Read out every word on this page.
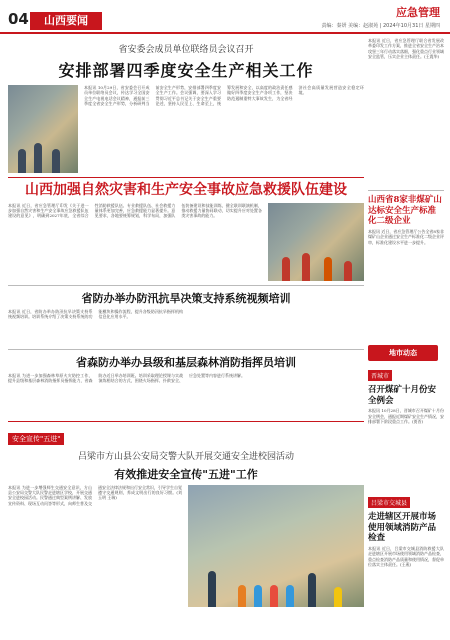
04	山西要闻
应急管理
责编：秦妍 美编：赵淑苑 | 2024年10月31日 星期四
省安委会成员单位联络员会议召开
安排部署四季度安全生产相关工作

本报讯 10月29日，省安委会召开成员单位联络员会议，传达学习全国安全生产电视电话会议精神，通报前三季度全省安全生产形势，分析研判当前安全生产形势，安排部署四季度安全生产工作。会议强调，要深入学习贯彻习近平总书记关于安全生产重要论述，坚持人民至上、生命至上，统筹发展和安全，以高度的政治责任感做好四季度安全生产各项工作，坚决防范遏制重特大事故发生，为全省经济社会高质量发展营造安全稳定环境。

山西加强自然灾害和生产安全事故应急救援队伍建设

本报讯 近日，省应急管理厅印发《关于进一步加强自然灾害和生产安全事故应急救援队伍建设的意见》，明确到2027年底，全省综合性消防救援队伍、专业救援队伍、社会救援力量体系更加完善，应急救援能力显著提升。意见要求，各地要统筹规划，科学布局，加强队伍装备建设和技能训练，健全联训联演机制，推动救援力量协同联动，切实提升应对处置各类灾害事故的能力。

省防办举办防汛抗旱决策支持系统视频培训

本报讯 近日，省防办举办防汛抗旱决策支持系统视频培训。培训系统介绍了决策支持系统的功能模块和操作流程，提升各级防汛抗旱指挥机构信息化应用水平。

省森防办举办县级和基层森林消防指挥员培训

本报讯 为进一步加强森林草原火灾防控工作，提升县级和基层森林消防指挥员指挥能力，省森防办近日举办培训班。培训采取理论授课与实战演练相结合的方式，围绕火场指挥、扑救安全、应急处置等内容进行系统讲解。

安全宣传"五进"
吕梁市方山县公安局交警大队开展交通安全进校园活动
有效推进安全宣传"五进"工作

本报讯 为进一步增强师生交通安全意识，方山县公安局交警大队民警走进辖区学校，开展交通安全进校园活动。民警通过典型案例讲解、发放宣传资料、现场互动问答等形式，向师生普及交通安全法律法规和出行安全常识，引导学生自觉遵守交通规则，养成文明出行的良好习惯。(刘玉明 王瑞)

本报讯 近日，省应急管理厅联合省发展改革委印发工作方案，推进全省安全生产治本攻坚三年行动落实落细，强化重点行业领域安全监管，压实企业主体责任。(王震华)

山西省8家非煤矿山达标安全生产标准化二级企业

本报讯 近日，省应急管理厅公告全省8家非煤矿山企业通过安全生产标准化二级企业评审，标准化建设水平进一步提升。

地市动态
晋城市
召开煤矿十月份安全例会

本报讯 10月28日，晋城市召开煤矿十月份安全例会，通报近期煤矿安全生产情况，安排部署下阶段重点工作。(贾晋)

吕梁市交城县
走进辖区开展市场使用领域消防产品检查

本报讯 近日，吕梁市交城县消防救援大队走进辖区开展市场使用领域消防产品检查，重点检查消防产品质量和使用情况，督促单位落实主体责任。(王燕)
